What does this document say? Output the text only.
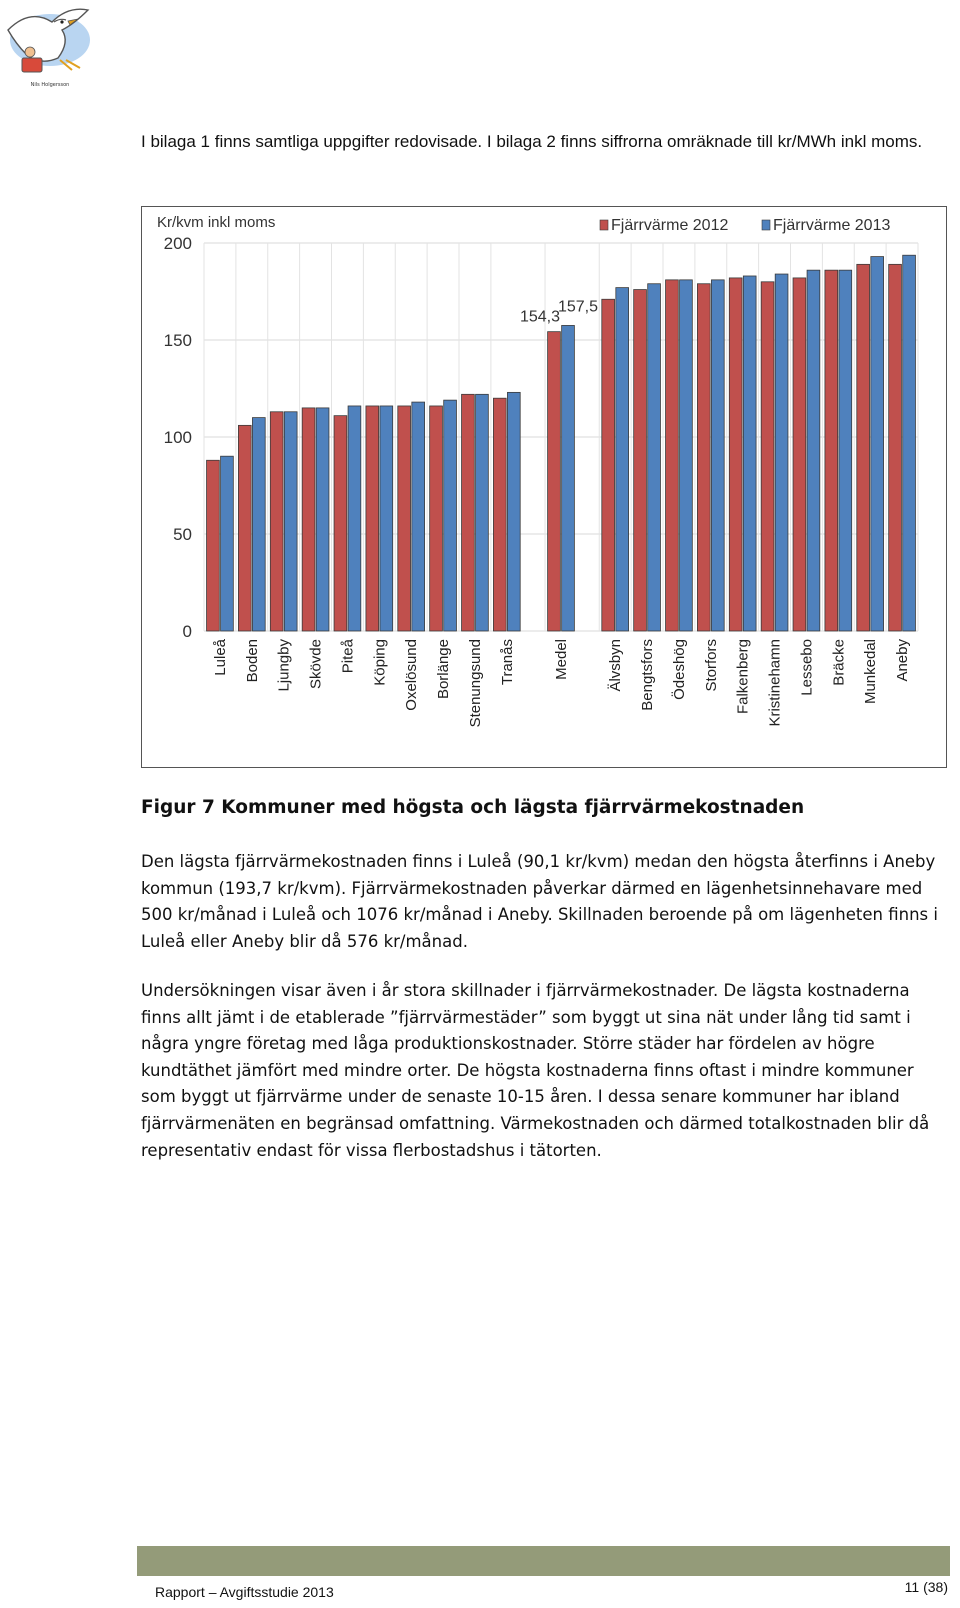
Nils Holgersson
I bilaga 1 finns samtliga uppgifter redovisade. I bilaga 2 finns siffrorna omräknade till kr/MWh inkl moms.
Kr/kvm inkl moms
0
50
100
150
200
154,3
157,5
Luleå Boden Ljungby Skövde Piteå Köping Oxelösund Borlänge Stenungsund Tranås Medel Älvsbyn Bengtsfors Ödeshög Storfors Falkenberg Kristinehamn Lessebo Bräcke Munkedal Aneby
Fjärrvärme 2012	Fjärrvärme 2013
Figur 7 Kommuner med högsta och lägsta fjärrvärmekostnaden
Den lägsta fjärrvärmekostnaden finns i Luleå (90,1 kr/kvm) medan den högsta återfinns i Aneby kommun (193,7 kr/kvm). Fjärrvärmekostnaden påverkar därmed en lägenhetsinnehavare med 500 kr/månad i Luleå och 1076 kr/månad i Aneby. Skillnaden beroende på om lägenheten finns i Luleå eller Aneby blir då 576 kr/månad.
Undersökningen visar även i år stora skillnader i fjärrvärmekostnader. De lägsta kostnaderna finns allt jämt i de etablerade ”fjärrvärmestäder” som byggt ut sina nät under lång tid samt i några yngre företag med låga produktionskostnader. Större städer har fördelen av högre kundtäthet jämfört med mindre orter. De högsta kostnaderna finns oftast i mindre kommuner som byggt ut fjärrvärme under de senaste 10-15 åren. I dessa senare kommuner har ibland fjärrvärmenäten en begränsad omfattning. Värmekostnaden och därmed totalkostnaden blir då representativ endast för vissa flerbostadshus i tätorten.
Rapport – Avgiftsstudie 2013	11 (38)
